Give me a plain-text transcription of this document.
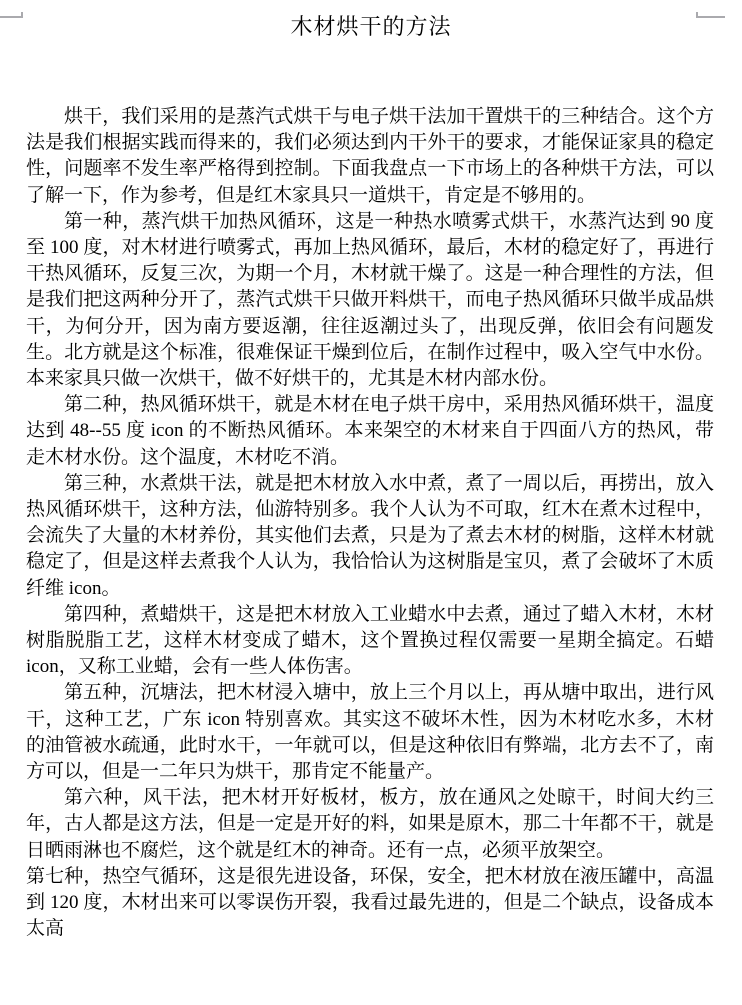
木材烘干的方法

烘干，我们采用的是蒸汽式烘干与电子烘干法加干置烘干的三种结合。这个方法是我们根据实践而得来的，我们必须达到内干外干的要求，才能保证家具的稳定性，问题率不发生率严格得到控制。下面我盘点一下市场上的各种烘干方法，可以了解一下，作为参考，但是红木家具只一道烘干，肯定是不够用的。

第一种，蒸汽烘干加热风循环，这是一种热水喷雾式烘干，水蒸汽达到 90 度至 100 度，对木材进行喷雾式，再加上热风循环，最后，木材的稳定好了，再进行干热风循环，反复三次，为期一个月，木材就干燥了。这是一种合理性的方法，但是我们把这两种分开了，蒸汽式烘干只做开料烘干，而电子热风循环只做半成品烘干，为何分开，因为南方要返潮，往往返潮过头了，出现反弹，依旧会有问题发生。北方就是这个标准，很难保证干燥到位后，在制作过程中，吸入空气中水份。本来家具只做一次烘干，做不好烘干的，尤其是木材内部水份。

第二种，热风循环烘干，就是木材在电子烘干房中，采用热风循环烘干，温度达到 48--55 度 icon 的不断热风循环。本来架空的木材来自于四面八方的热风，带走木材水份。这个温度，木材吃不消。

第三种，水煮烘干法，就是把木材放入水中煮，煮了一周以后，再捞出，放入热风循环烘干，这种方法，仙游特别多。我个人认为不可取，红木在煮木过程中，会流失了大量的木材养份，其实他们去煮，只是为了煮去木材的树脂，这样木材就稳定了，但是这样去煮我个人认为，我恰恰认为这树脂是宝贝，煮了会破坏了木质纤维 icon。

第四种，煮蜡烘干，这是把木材放入工业蜡水中去煮，通过了蜡入木材，木材树脂脱脂工艺，这样木材变成了蜡木，这个置换过程仅需要一星期全搞定。石蜡 icon，又称工业蜡，会有一些人体伤害。

第五种，沉塘法，把木材浸入塘中，放上三个月以上，再从塘中取出，进行风干，这种工艺，广东 icon 特别喜欢。其实这不破坏木性，因为木材吃水多，木材的油管被水疏通，此时水干，一年就可以，但是这种依旧有弊端，北方去不了，南方可以，但是一二年只为烘干，那肯定不能量产。

第六种，风干法，把木材开好板材，板方，放在通风之处晾干，时间大约三年，古人都是这方法，但是一定是开好的料，如果是原木，那二十年都不干，就是日晒雨淋也不腐烂，这个就是红木的神奇。还有一点，必须平放架空。

第七种，热空气循环，这是很先进设备，环保，安全，把木材放在液压罐中，高温到 120 度，木材出来可以零误伤开裂，我看过最先进的，但是二个缺点，设备成本太高
